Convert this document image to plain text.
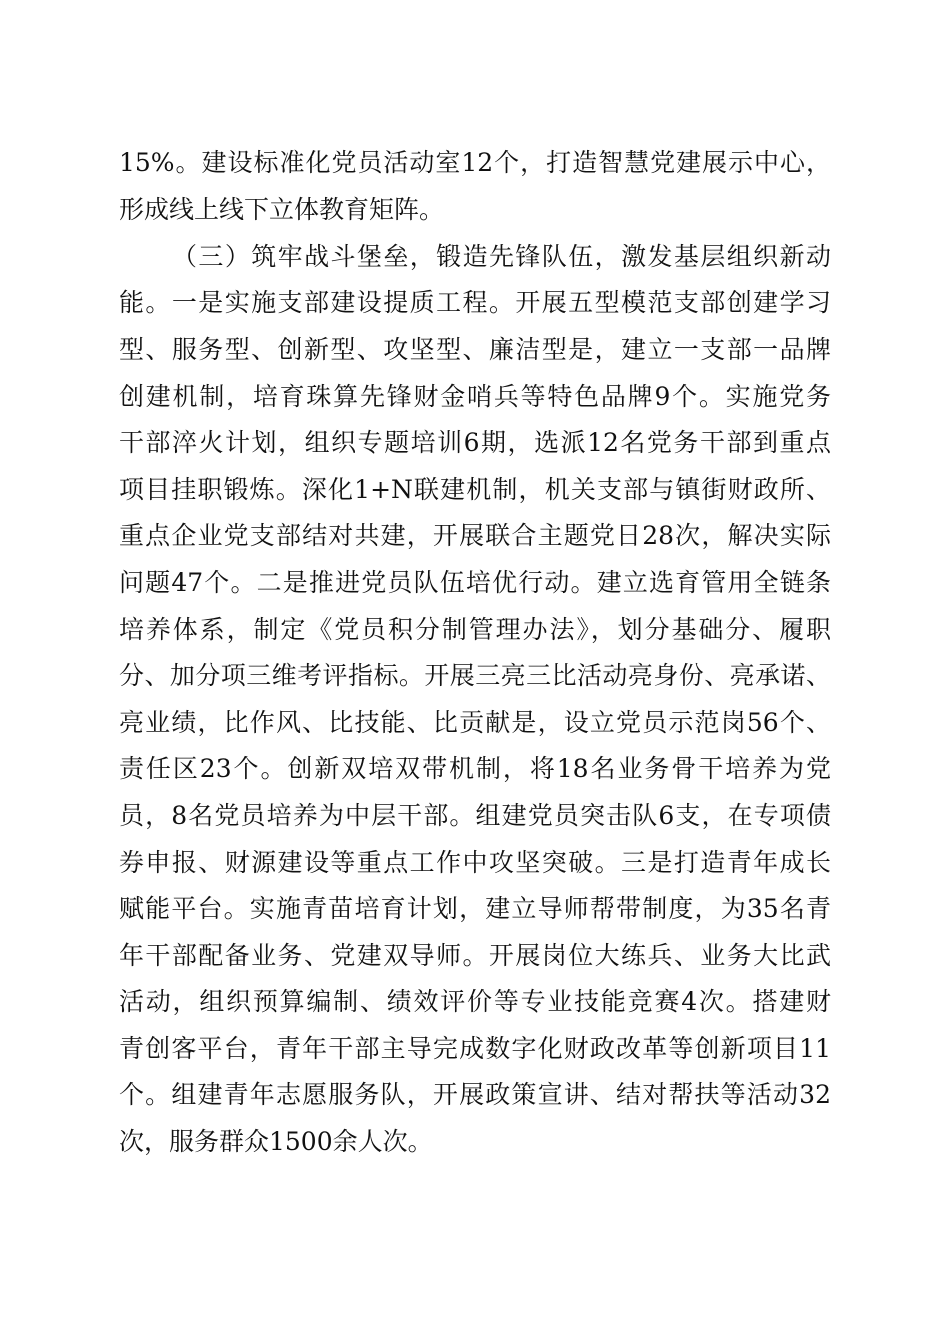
15%。建设标准化党员活动室12个，打造智慧党建展示中心，
形成线上线下立体教育矩阵。
（三）筑牢战斗堡垒，锻造先锋队伍，激发基层组织新动
能。一是实施支部建设提质工程。开展五型模范支部创建学习
型、服务型、创新型、攻坚型、廉洁型是，建立一支部一品牌
创建机制，培育珠算先锋财金哨兵等特色品牌9个。实施党务
干部淬火计划，组织专题培训6期，选派12名党务干部到重点
项目挂职锻炼。深化1+N联建机制，机关支部与镇街财政所、
重点企业党支部结对共建，开展联合主题党日28次，解决实际
问题47个。二是推进党员队伍培优行动。建立选育管用全链条
培养体系，制定《党员积分制管理办法》，划分基础分、履职
分、加分项三维考评指标。开展三亮三比活动亮身份、亮承诺、
亮业绩，比作风、比技能、比贡献是，设立党员示范岗56个、
责任区23个。创新双培双带机制，将18名业务骨干培养为党
员，8名党员培养为中层干部。组建党员突击队6支，在专项债
券申报、财源建设等重点工作中攻坚突破。三是打造青年成长
赋能平台。实施青苗培育计划，建立导师帮带制度，为35名青
年干部配备业务、党建双导师。开展岗位大练兵、业务大比武
活动，组织预算编制、绩效评价等专业技能竞赛4次。搭建财
青创客平台，青年干部主导完成数字化财政改革等创新项目11
个。组建青年志愿服务队，开展政策宣讲、结对帮扶等活动32
次，服务群众1500余人次。
